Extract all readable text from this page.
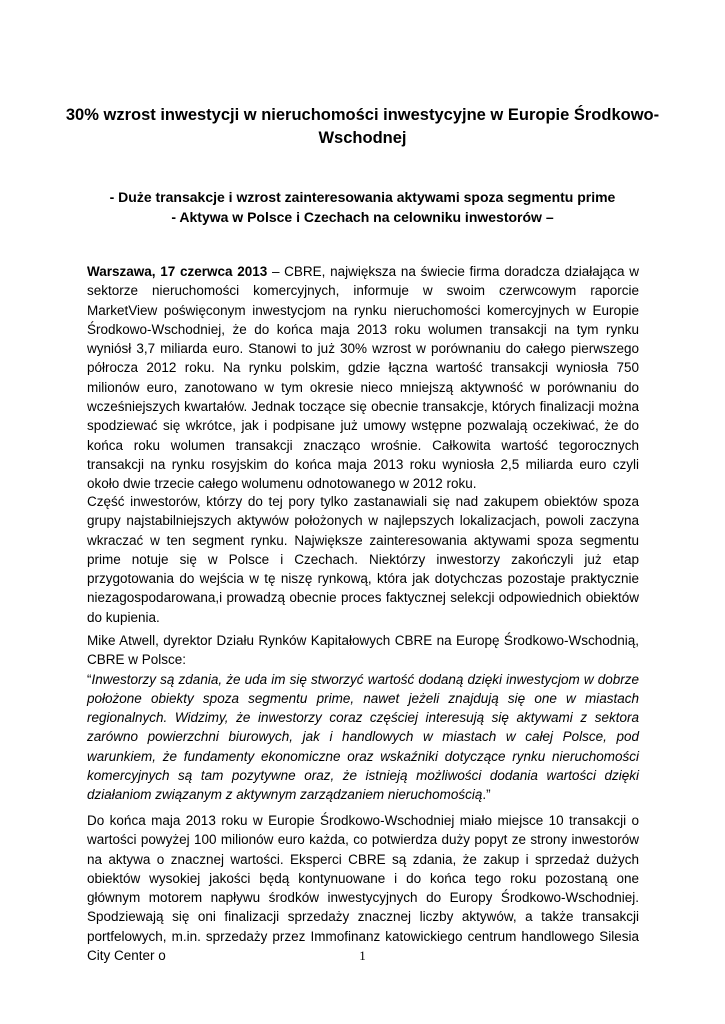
30% wzrost inwestycji w nieruchomości inwestycyjne w Europie Środkowo-Wschodnej
- Duże transakcje i wzrost zainteresowania aktywami spoza segmentu prime
- Aktywa w Polsce i Czechach na celowniku inwestorów –

Warszawa, 17 czerwca 2013 – CBRE, największa na świecie firma doradcza działająca w sektorze nieruchomości komercyjnych, informuje w swoim czerwcowym raporcie MarketView poświęconym inwestycjom na rynku nieruchomości komercyjnych w Europie Środkowo-Wschodniej, że do końca maja 2013 roku wolumen transakcji na tym rynku wyniósł 3,7 miliarda euro. Stanowi to już 30% wzrost w porównaniu do całego pierwszego półrocza 2012 roku. Na rynku polskim, gdzie łączna wartość transakcji wyniosła 750 milionów euro, zanotowano w tym okresie nieco mniejszą aktywność w porównaniu do wcześniejszych kwartałów. Jednak toczące się obecnie transakcje, których finalizacji można spodziewać się wkrótce, jak i podpisane już umowy wstępne pozwalają oczekiwać, że do końca roku wolumen transakcji znacząco wrośnie. Całkowita wartość tegorocznych transakcji na rynku rosyjskim do końca maja 2013 roku wyniosła 2,5 miliarda euro czyli około dwie trzecie całego wolumenu odnotowanego w 2012 roku.

Część inwestorów, którzy do tej pory tylko zastanawiali się nad zakupem obiektów spoza grupy najstabilniejszych aktywów położonych w najlepszych lokalizacjach, powoli zaczyna wkraczać w ten segment rynku. Największe zainteresowania aktywami spoza segmentu prime notuje się w Polsce i Czechach. Niektórzy inwestorzy zakończyli już etap przygotowania do wejścia w tę niszę rynkową, która jak dotychczas pozostaje praktycznie niezagospodarowana,i prowadzą obecnie proces faktycznej selekcji odpowiednich obiektów do kupienia.

Mike Atwell, dyrektor Działu Rynków Kapitałowych CBRE na Europę Środkowo-Wschodnią, CBRE w Polsce:
“Inwestorzy są zdania, że uda im się stworzyć wartość dodaną dzięki inwestycjom w dobrze położone obiekty spoza segmentu prime, nawet jeżeli znajdują się one w miastach regionalnych. Widzimy, że inwestorzy coraz częściej interesują się aktywami z sektora zarówno powierzchni biurowych, jak i handlowych w miastach w całej Polsce, pod warunkiem, że fundamenty ekonomiczne oraz wskaźniki dotyczące rynku nieruchomości komercyjnych są tam pozytywne oraz, że istnieją możliwości dodania wartości dzięki działaniom związanym z aktywnym zarządzaniem nieruchomością.”

Do końca maja 2013 roku w Europie Środkowo-Wschodniej miało miejsce 10 transakcji o wartości powyżej 100 milionów euro każda, co potwierdza duży popyt ze strony inwestorów na aktywa o znacznej wartości. Eksperci CBRE są zdania, że zakup i sprzedaż dużych obiektów wysokiej jakości będą kontynuowane i do końca tego roku pozostaną one głównym motorem napływu środków inwestycyjnych do Europy Środkowo-Wschodniej. Spodziewają się oni finalizacji sprzedaży znacznej liczby aktywów, a także transakcji portfelowych, m.in. sprzedaży przez Immofinanz katowickiego centrum handlowego Silesia City Center o	1
